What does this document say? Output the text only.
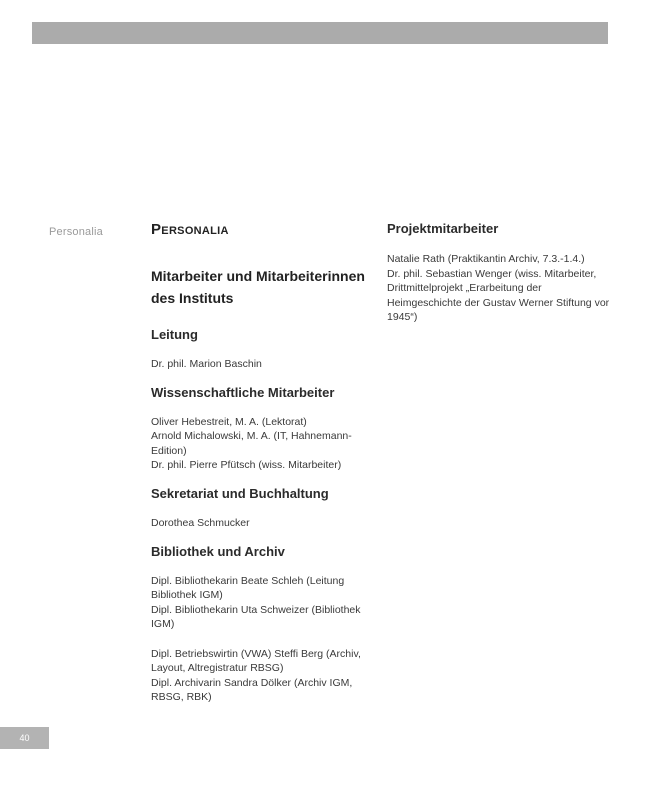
Personalia	Personalia
Mitarbeiter und Mitarbeiterinnen des Instituts
Leitung

Dr. phil. Marion Baschin

Wissenschaftliche Mitarbeiter

Oliver Hebestreit, M. A. (Lektorat)

Arnold Michalowski, M. A. (IT, Hahnemann-Edition)

Dr. phil. Pierre Pfütsch (wiss. Mitarbeiter)

Sekretariat und Buchhaltung

Dorothea Schmucker

Bibliothek und Archiv

Dipl. Bibliothekarin Beate Schleh (Leitung Bibliothek IGM)

Dipl. Bibliothekarin Uta Schweizer (Bibliothek IGM)

Dipl. Betriebswirtin (VWA) Steffi Berg (Archiv, Layout, Altregistratur RBSG)

Dipl. Archivarin Sandra Dölker (Archiv IGM, RBSG, RBK)

Projektmitarbeiter

Natalie Rath (Praktikantin Archiv, 7.3.-1.4.)

Dr. phil. Sebastian Wenger (wiss. Mitarbeiter, Drittmittelprojekt „Erarbeitung der Heimgeschichte der Gustav Werner Stiftung vor 1945“)

40
